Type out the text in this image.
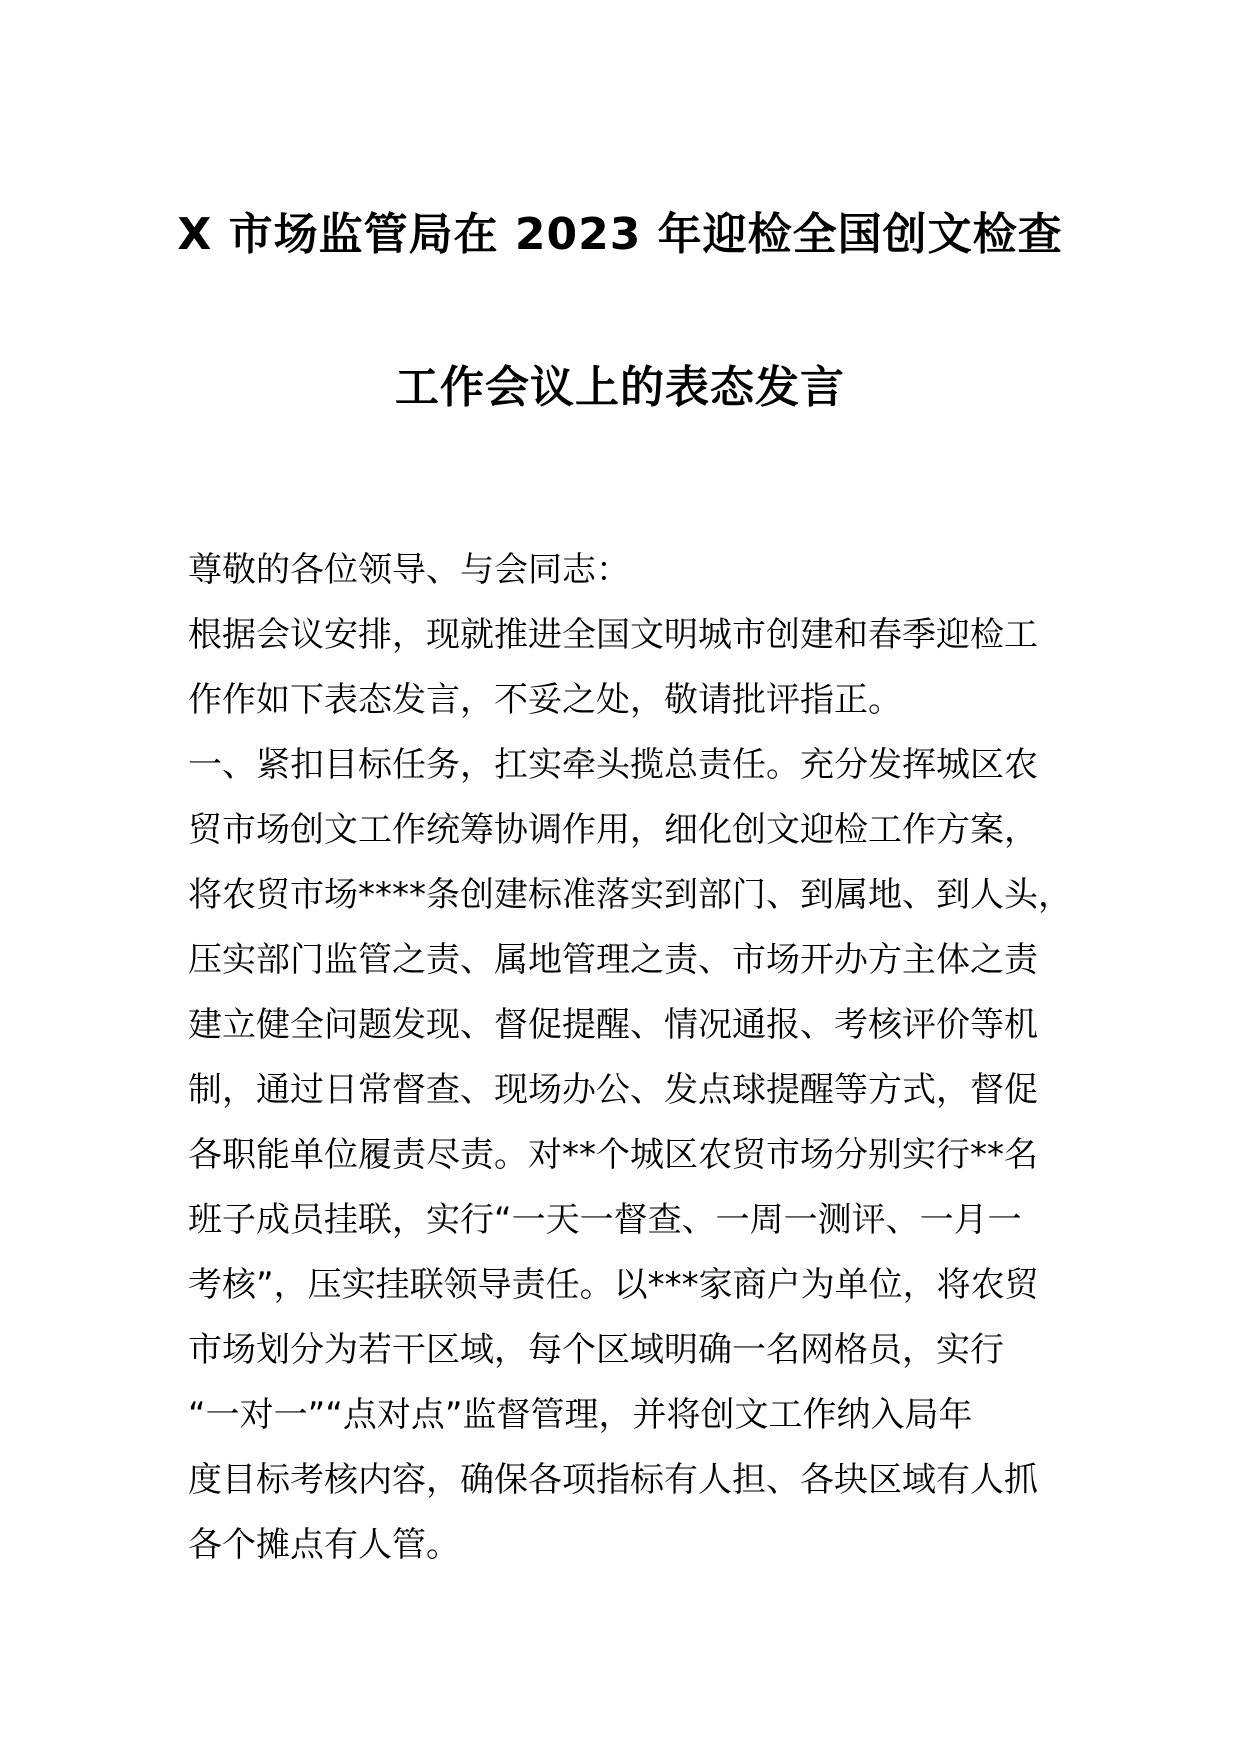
X 市场监管局在 2023 年迎检全国创文检查
工作会议上的表态发言
尊敬的各位领导、与会同志：
根据会议安排，现就推进全国文明城市创建和春季迎检工
作作如下表态发言，不妥之处，敬请批评指正。
一、紧扣目标任务，扛实牵头揽总责任。充分发挥城区农
贸市场创文工作统筹协调作用，细化创文迎检工作方案，
将农贸市场****条创建标准落实到部门、到属地、到人头，
压实部门监管之责、属地管理之责、市场开办方主体之责
建立健全问题发现、督促提醒、情况通报、考核评价等机
制，通过日常督查、现场办公、发点球提醒等方式，督促
各职能单位履责尽责。对**个城区农贸市场分别实行**名
班子成员挂联，实行“一天一督查、一周一测评、一月一
考核”，压实挂联领导责任。以***家商户为单位，将农贸
市场划分为若干区域，每个区域明确一名网格员，实行
“一对一”“点对点”监督管理，并将创文工作纳入局年
度目标考核内容，确保各项指标有人担、各块区域有人抓
各个摊点有人管。
